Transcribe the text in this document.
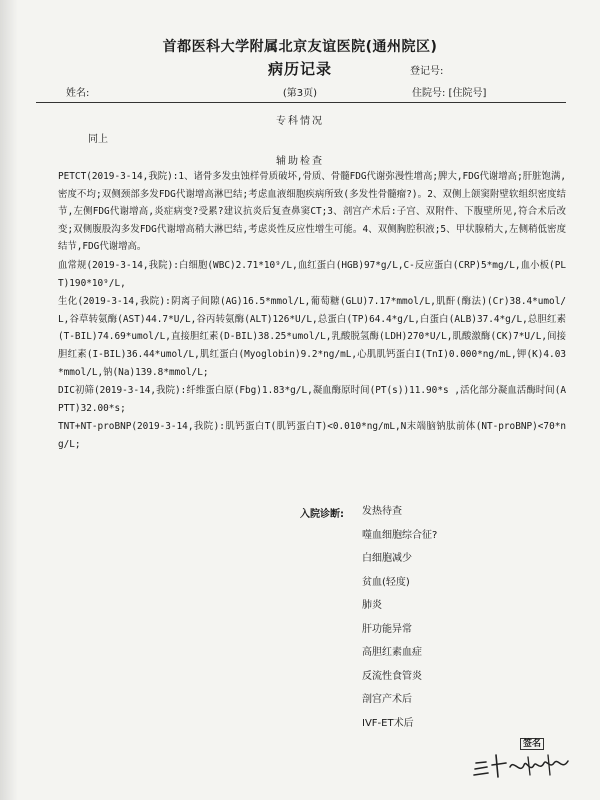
首都医科大学附属北京友谊医院(通州院区)
病历记录	登记号:
姓名:	(第3页)	住院号: [住院号]
专科情况
同上
辅助检查

PETCT(2019-3-14,我院):1、诸骨多发虫蚀样骨质破坏,骨质、骨髓FDG代谢弥漫性增高;脾大,FDG代谢增高;肝脏饱满,密度不均;双侧颈部多发FDG代谢增高淋巴结;考虑血液细胞疾病所致(多发性骨髓瘤?)。2、双侧上颌窦附壁软组织密度结节,左侧FDG代谢增高,炎症病变?受累?建议抗炎后复查鼻窦CT;3、剖宫产术后:子宫、双附件、下腹壁所见,符合术后改变;双侧腹股沟多发FDG代谢增高稍大淋巴结,考虑炎性反应性增生可能。4、双侧胸腔积液;5、甲状腺稍大,左侧稍低密度结节,FDG代谢增高。

血常规(2019-3-14,我院):白细胞(WBC)2.71*10⁹/L,血红蛋白(HGB)97*g/L,C-反应蛋白(CRP)5*mg/L,血小板(PLT)190*10⁹/L,

生化(2019-3-14,我院):阴离子间隙(AG)16.5*mmol/L,葡萄糖(GLU)7.17*mmol/L,肌酐(酶法)(Cr)38.4*umol/L,谷草转氨酶(AST)44.7*U/L,谷丙转氨酶(ALT)126*U/L,总蛋白(TP)64.4*g/L,白蛋白(ALB)37.4*g/L,总胆红素(T-BIL)74.69*umol/L,直接胆红素(D-BIL)38.25*umol/L,乳酸脱氢酶(LDH)270*U/L,肌酸激酶(CK)7*U/L,间接胆红素(I-BIL)36.44*umol/L,肌红蛋白(Myoglobin)9.2*ng/mL,心肌肌钙蛋白I(TnI)0.000*ng/mL,钾(K)4.03*mmol/L,钠(Na)139.8*mmol/L;

DIC初筛(2019-3-14,我院):纤维蛋白原(Fbg)1.83*g/L,凝血酶原时间(PT(s))11.90*s ,活化部分凝血活酶时间(APTT)32.00*s;

TNT+NT-proBNP(2019-3-14,我院):肌钙蛋白T(肌钙蛋白T)<0.010*ng/mL,N末端脑钠肽前体(NT-proBNP)<70*ng/L;

入院诊断: 发热待查
噬血细胞综合征?
白细胞减少
贫血(轻度)
肺炎
肝功能异常
高胆红素血症
反流性食管炎
剖宫产术后
IVF-ET术后
签名
